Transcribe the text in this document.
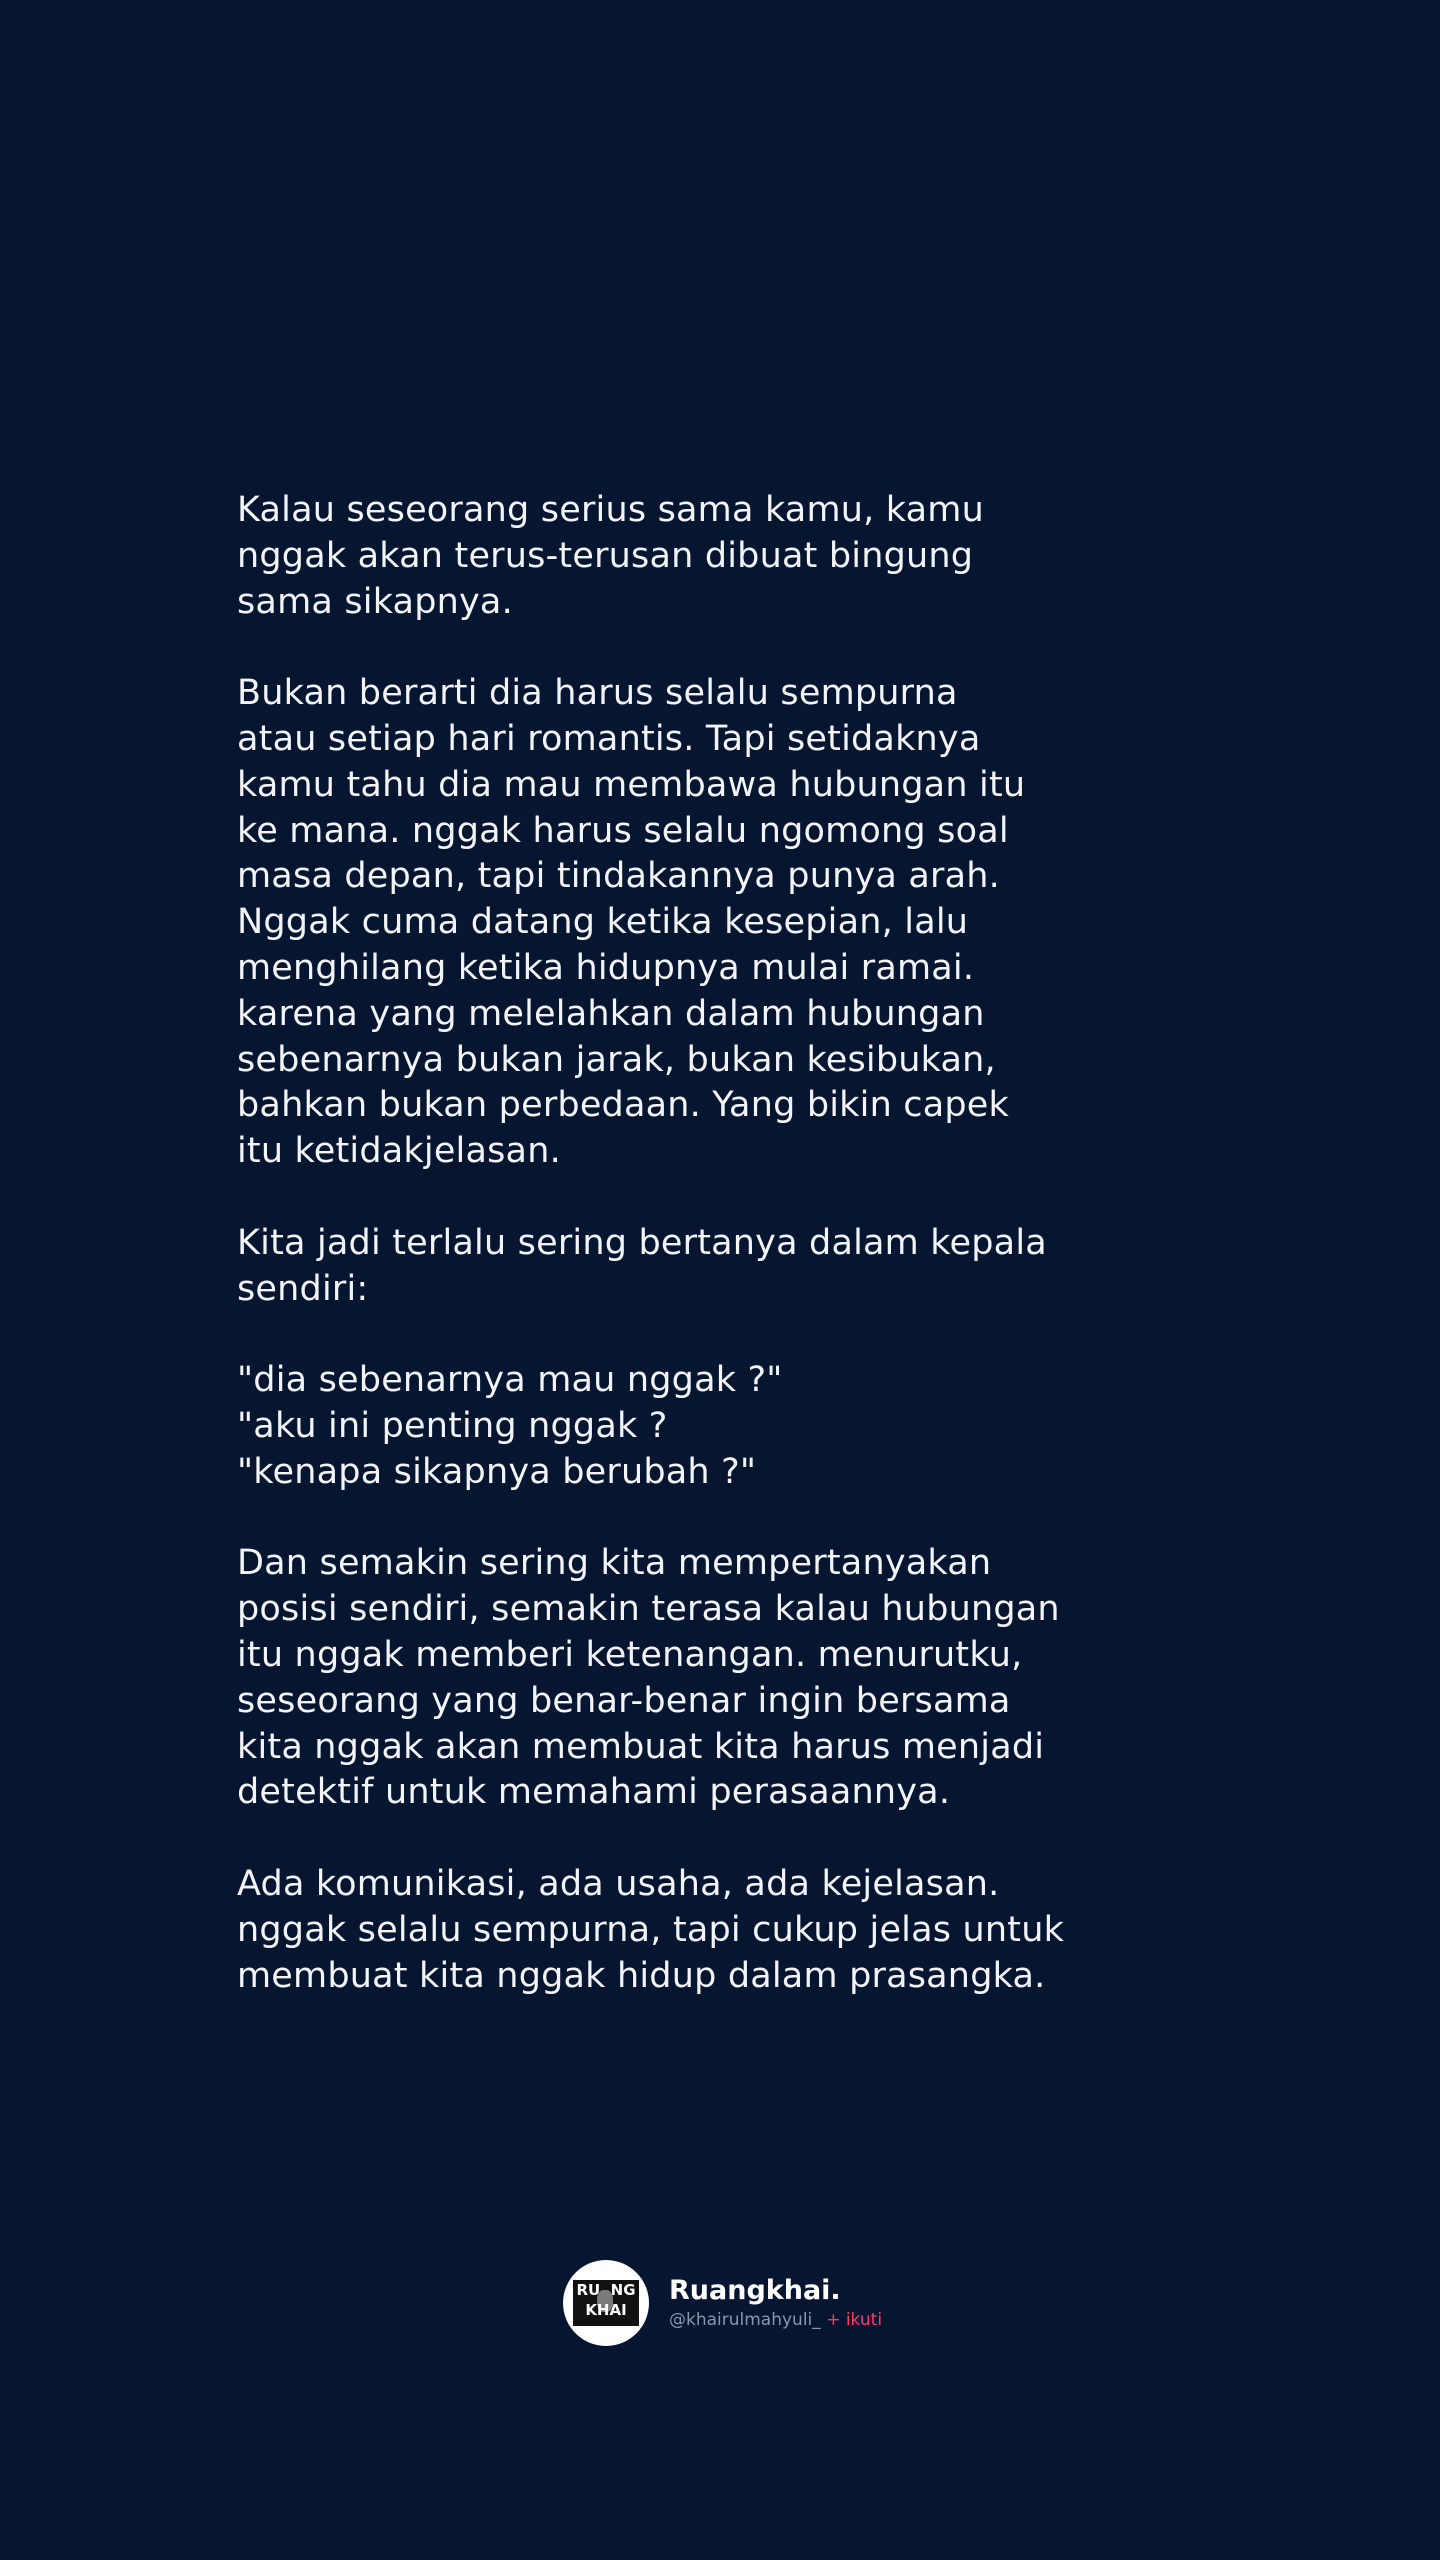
Kalau seseorang serius sama kamu, kamu
nggak akan terus-terusan dibuat bingung
sama sikapnya.

Bukan berarti dia harus selalu sempurna
atau setiap hari romantis. Tapi setidaknya
kamu tahu dia mau membawa hubungan itu
ke mana. nggak harus selalu ngomong soal
masa depan, tapi tindakannya punya arah.
Nggak cuma datang ketika kesepian, lalu
menghilang ketika hidupnya mulai ramai.
karena yang melelahkan dalam hubungan
sebenarnya bukan jarak, bukan kesibukan,
bahkan bukan perbedaan. Yang bikin capek
itu ketidakjelasan.

Kita jadi terlalu sering bertanya dalam kepala
sendiri:

"dia sebenarnya mau nggak ?"
"aku ini penting nggak ?
"kenapa sikapnya berubah ?"

Dan semakin sering kita mempertanyakan
posisi sendiri, semakin terasa kalau hubungan
itu nggak memberi ketenangan. menurutku,
seseorang yang benar-benar ingin bersama
kita nggak akan membuat kita harus menjadi
detektif untuk memahami perasaannya.

Ada komunikasi, ada usaha, ada kejelasan.
nggak selalu sempurna, tapi cukup jelas untuk
membuat kita nggak hidup dalam prasangka.

RU  NG
KHAI
Ruangkhai.
@khairulmahyuli_ + ikuti
